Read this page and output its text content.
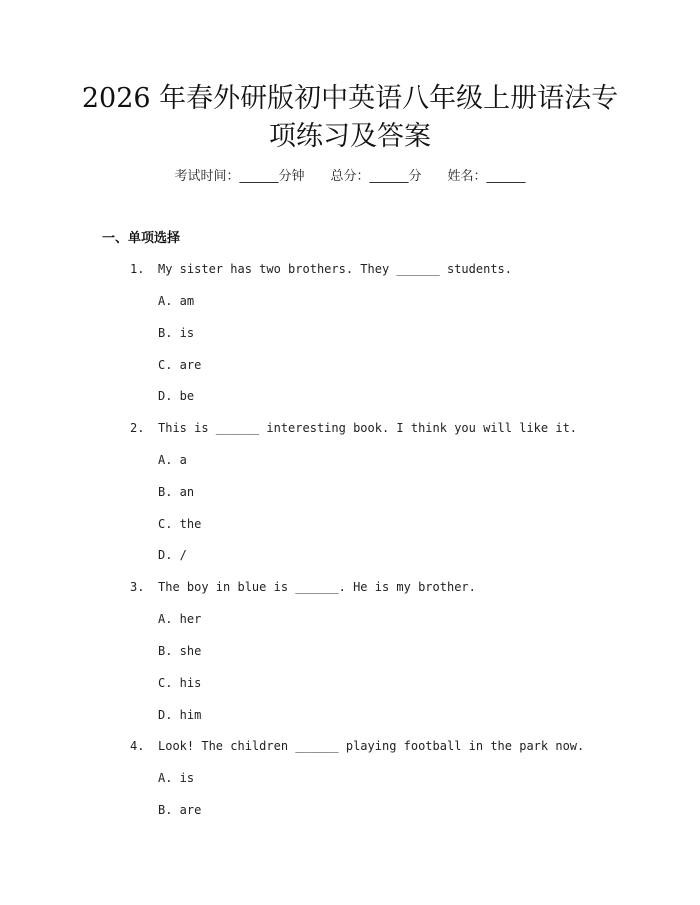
2026 年春外研版初中英语八年级上册语法专
项练习及答案
考试时间：______分钟 总分：______分 姓名：______
一、单项选择
1. My sister has two brothers. They ______ students.
A. am
B. is
C. are
D. be
2. This is ______ interesting book. I think you will like it.
A. a
B. an
C. the
D. /
3. The boy in blue is ______. He is my brother.
A. her
B. she
C. his
D. him
4. Look! The children ______ playing football in the park now.
A. is
B. are
